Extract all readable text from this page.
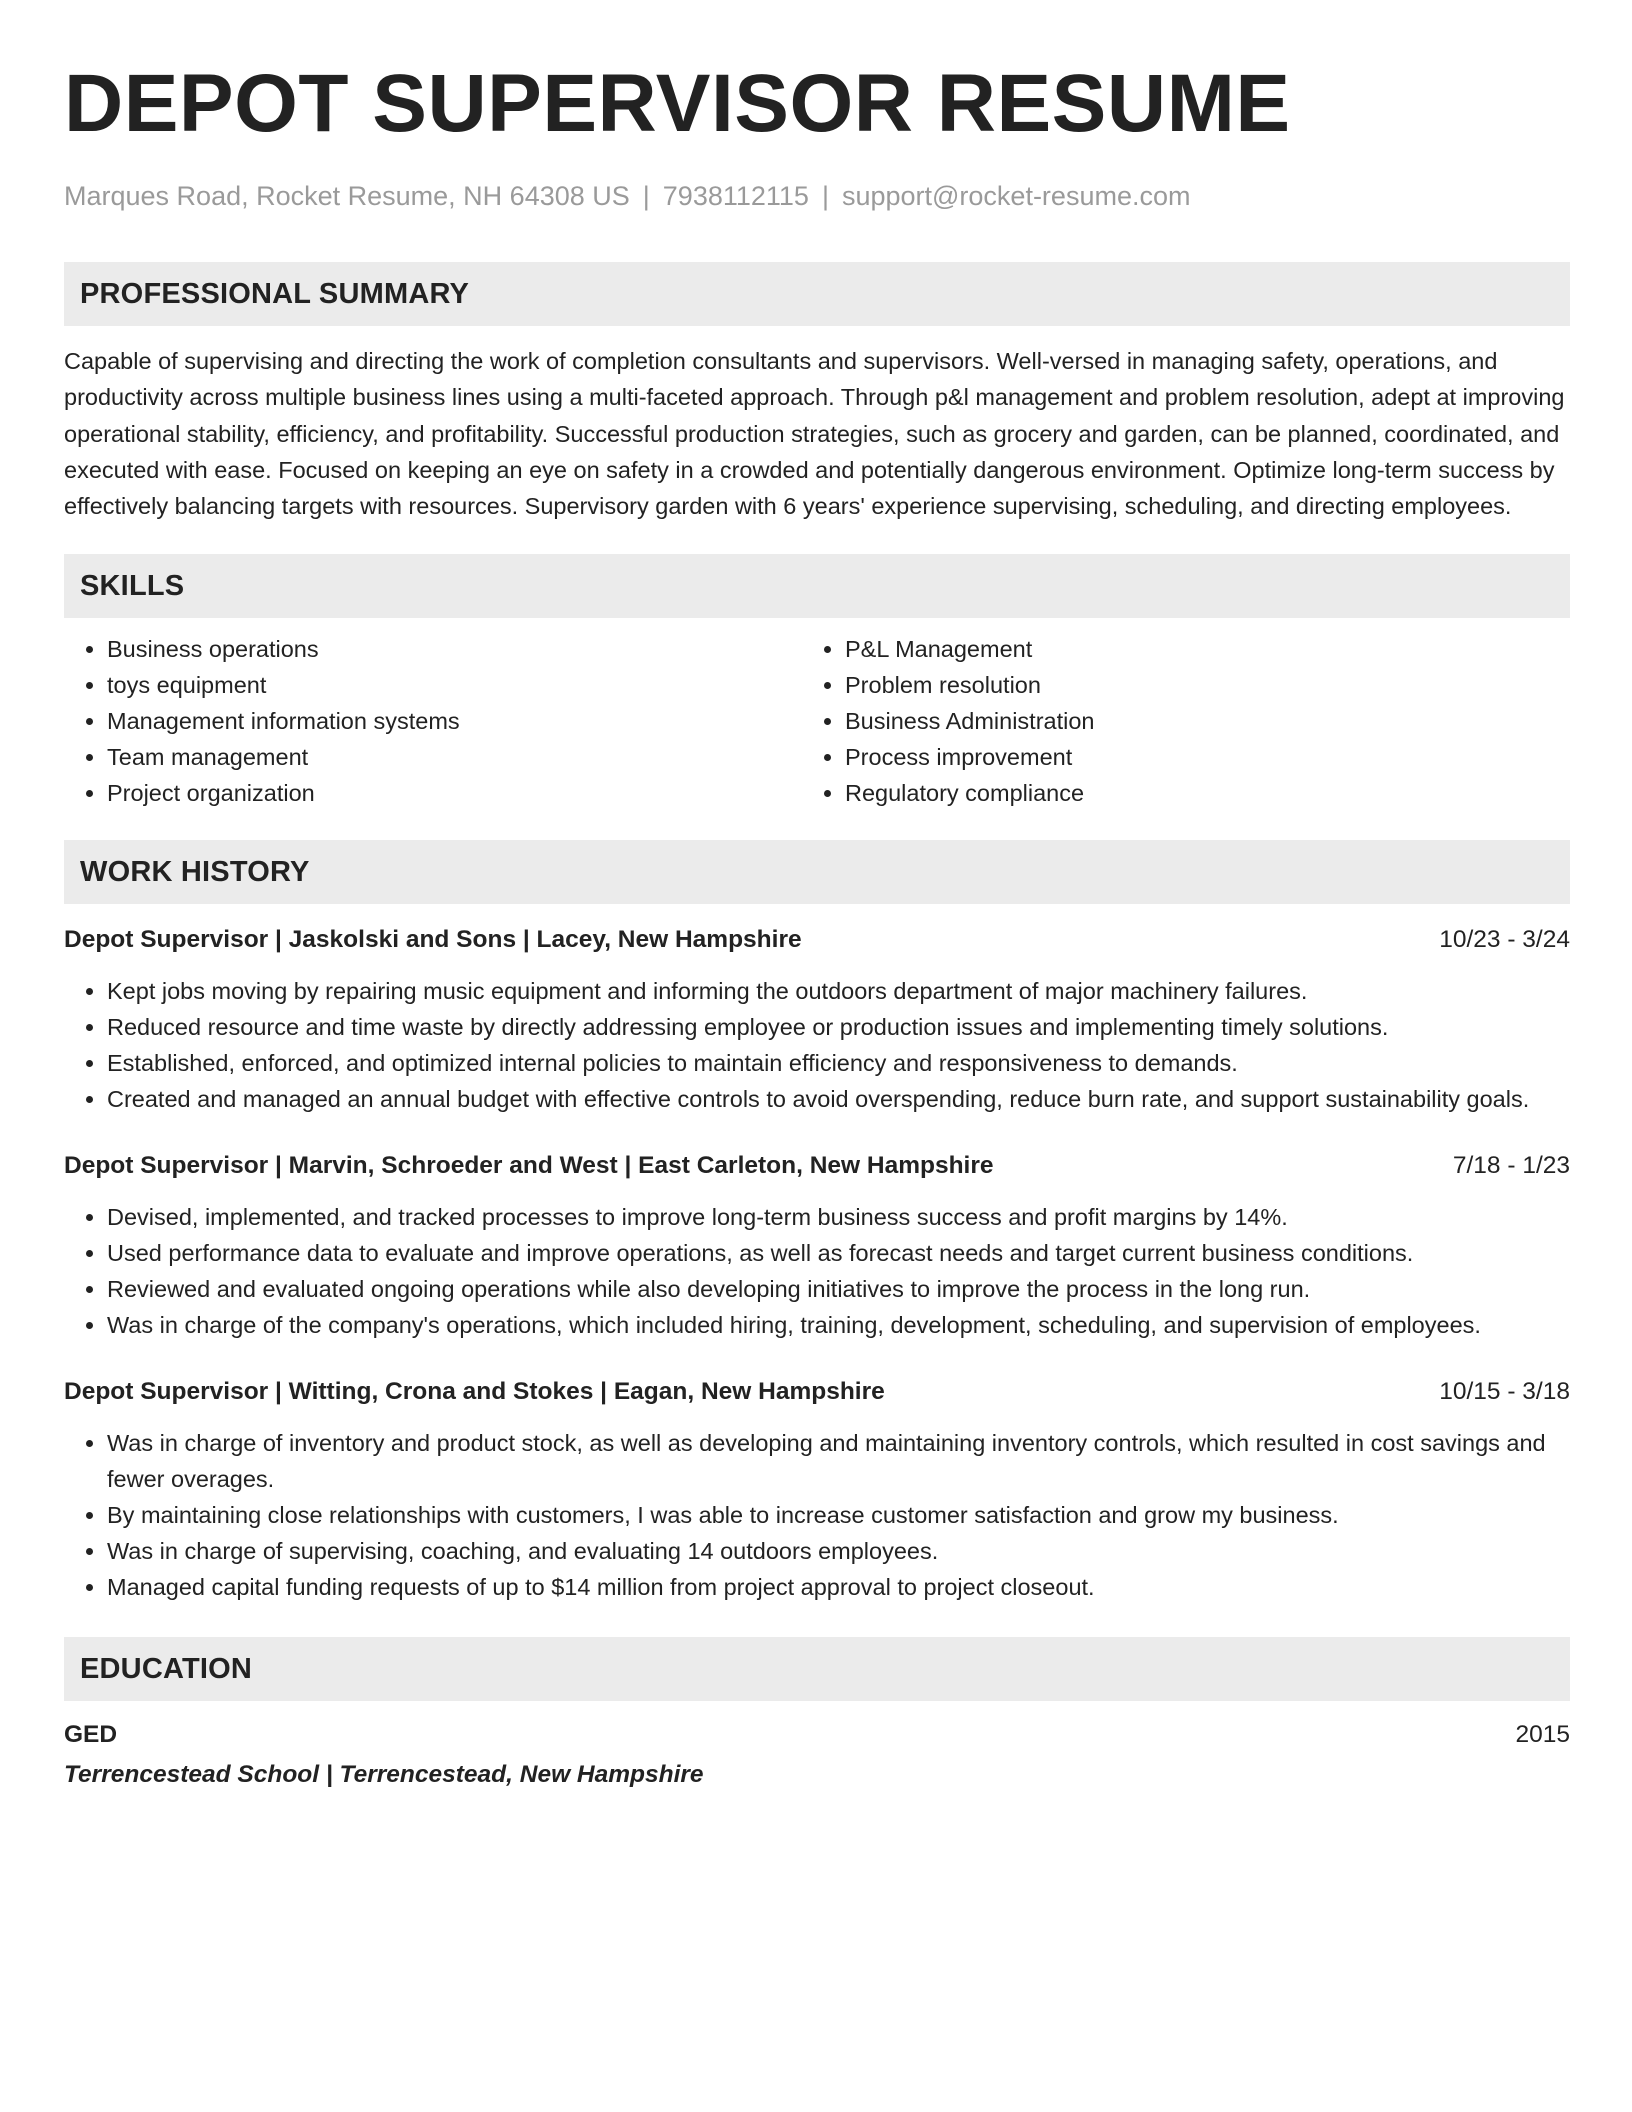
DEPOT SUPERVISOR RESUME
Marques Road, Rocket Resume, NH 64308 US | 7938112115 | support@rocket-resume.com
PROFESSIONAL SUMMARY

Capable of supervising and directing the work of completion consultants and supervisors. Well-versed in managing safety, operations, and productivity across multiple business lines using a multi-faceted approach. Through p&l management and problem resolution, adept at improving operational stability, efficiency, and profitability. Successful production strategies, such as grocery and garden, can be planned, coordinated, and executed with ease. Focused on keeping an eye on safety in a crowded and potentially dangerous environment. Optimize long-term success by effectively balancing targets with resources. Supervisory garden with 6 years' experience supervising, scheduling, and directing employees.

SKILLS
• Business operations
• toys equipment
• Management information systems
• Team management
• Project organization
• P&L Management
• Problem resolution
• Business Administration
• Process improvement
• Regulatory compliance
WORK HISTORY
Depot Supervisor | Jaskolski and Sons | Lacey, New Hampshire	10/23 - 3/24
• Kept jobs moving by repairing music equipment and informing the outdoors department of major machinery failures.
• Reduced resource and time waste by directly addressing employee or production issues and implementing timely solutions.
• Established, enforced, and optimized internal policies to maintain efficiency and responsiveness to demands.
• Created and managed an annual budget with effective controls to avoid overspending, reduce burn rate, and support sustainability goals.
Depot Supervisor | Marvin, Schroeder and West | East Carleton, New Hampshire	7/18 - 1/23
• Devised, implemented, and tracked processes to improve long-term business success and profit margins by 14%.
• Used performance data to evaluate and improve operations, as well as forecast needs and target current business conditions.
• Reviewed and evaluated ongoing operations while also developing initiatives to improve the process in the long run.
• Was in charge of the company's operations, which included hiring, training, development, scheduling, and supervision of employees.
Depot Supervisor | Witting, Crona and Stokes | Eagan, New Hampshire	10/15 - 3/18
• Was in charge of inventory and product stock, as well as developing and maintaining inventory controls, which resulted in cost savings and fewer overages.
• By maintaining close relationships with customers, I was able to increase customer satisfaction and grow my business.
• Was in charge of supervising, coaching, and evaluating 14 outdoors employees.
• Managed capital funding requests of up to $14 million from project approval to project closeout.
EDUCATION
GED	2015
Terrencestead School | Terrencestead, New Hampshire
